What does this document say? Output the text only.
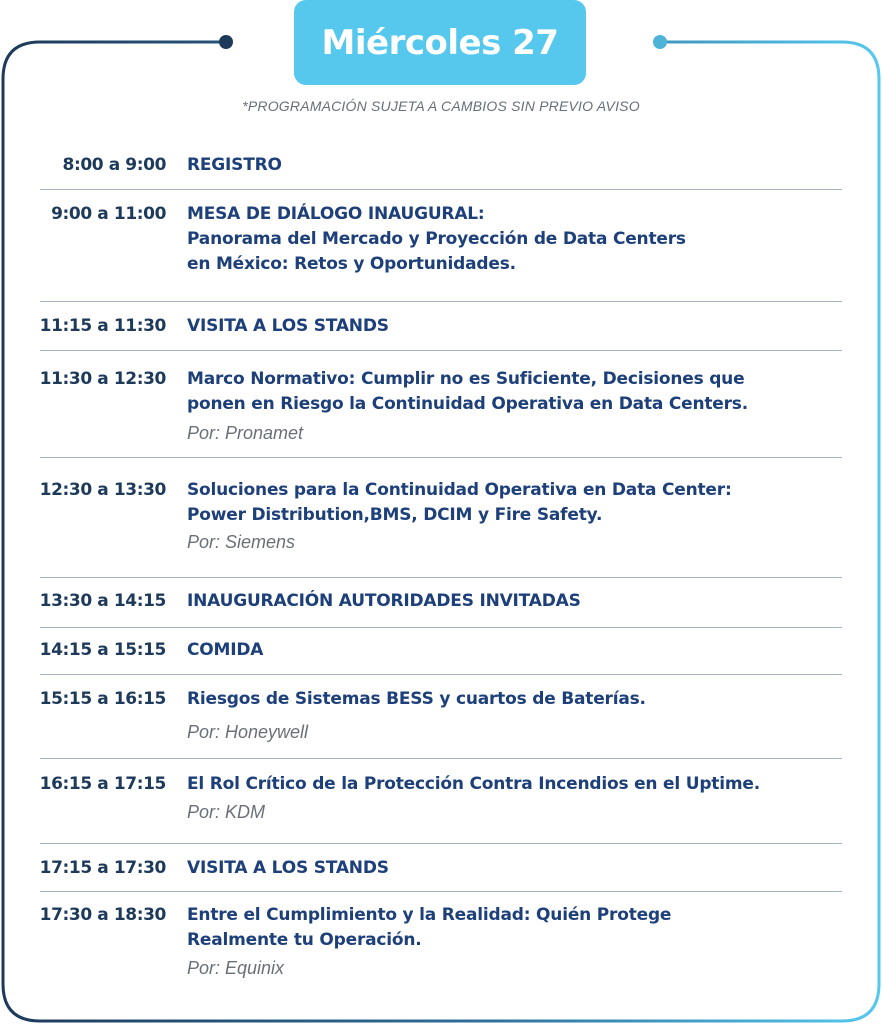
Miércoles 27
*PROGRAMACIÓN SUJETA A CAMBIOS SIN PREVIO AVISO
8:00 a 9:00 REGISTRO
9:00 a 11:00 MESA DE DIÁLOGO INAUGURAL:
Panorama del Mercado y Proyección de Data Centers
en México: Retos y Oportunidades.
11:15 a 11:30 VISITA A LOS STANDS
11:30 a 12:30 Marco Normativo: Cumplir no es Suficiente, Decisiones que
ponen en Riesgo la Continuidad Operativa en Data Centers.
Por: Pronamet
12:30 a 13:30 Soluciones para la Continuidad Operativa en Data Center:
Power Distribution,BMS, DCIM y Fire Safety.
Por: Siemens
13:30 a 14:15 INAUGURACIÓN AUTORIDADES INVITADAS
14:15 a 15:15 COMIDA
15:15 a 16:15 Riesgos de Sistemas BESS y cuartos de Baterías.
Por: Honeywell
16:15 a 17:15 El Rol Crítico de la Protección Contra Incendios en el Uptime.
Por: KDM
17:15 a 17:30 VISITA A LOS STANDS
17:30 a 18:30 Entre el Cumplimiento y la Realidad: Quién Protege
Realmente tu Operación.
Por: Equinix
